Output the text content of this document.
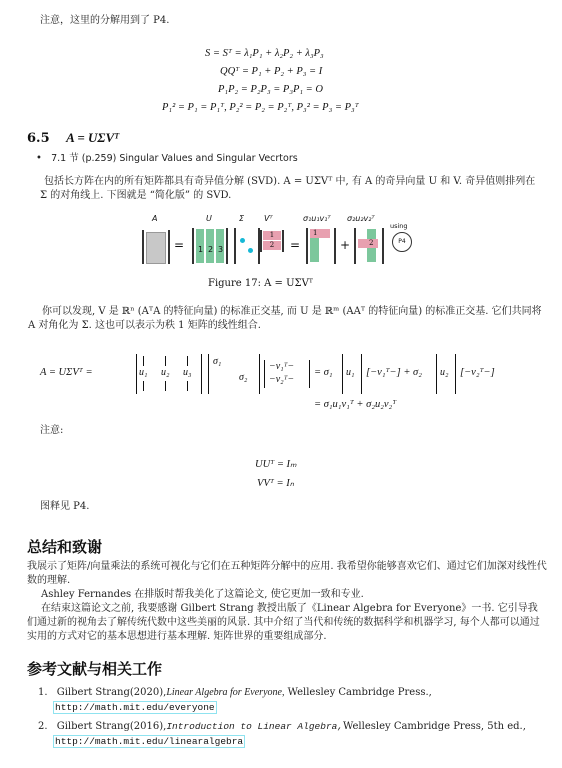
注意，这里的分解用到了 P4.
S = Sᵀ = λ₁P₁ + λ₂P₂ + λ₃P₃
QQᵀ = P₁ + P₂ + P₃ = I
P₁P₂ = P₂P₃ = P₃P₁ = O
P₁² = P₁ = P₁ᵀ, P₂² = P₂ = P₂ᵀ, P₃² = P₃ = P₃ᵀ
6.5 A = UΣVᵀ
• 7.1 节 (p.259) Singular Values and Singular Vecrtors
包括长方阵在内的所有矩阵都具有奇异值分解 (SVD). A = UΣVᵀ 中, 有 A 的奇异向量 U 和 V. 奇异值则排列在 Σ 的对角线上. 下图就是 “简化版” 的 SVD.
A	U	Σ Vᵀ	σ₁u₁v₁ᵀ σ₂u₂v₂ᵀ
= 1 2 3
1
2	=
1
+	2
using
P4
Figure 17: A = UΣVᵀ
你可以发现, V 是 ℝⁿ (AᵀA 的特征向量) 的标准正交基, 而 U 是 ℝᵐ (AAᵀ 的特征向量) 的标准正交基. 它们共同将 A 对角化为 Σ. 这也可以表示为秩 1 矩阵的线性组合.
A = UΣVᵀ =	u₁ u₂ u₃
σ₁
σ₂
−v₁ᵀ−
−v₂ᵀ−
= σ₁ u₁ [−v₁ᵀ−] + σ₂ u₂ [−v₂ᵀ−]
= σ₁u₁v₁ᵀ + σ₂u₂v₂ᵀ
注意:
UUᵀ = Iₘ
VVᵀ = Iₙ
图释见 P4.
总结和致谢
我展示了矩阵/向量乘法的系统可视化与它们在五种矩阵分解中的应用. 我希望你能够喜欢它们、通过它们加深对线性代数的理解.
Ashley Fernandes 在排版时帮我美化了这篇论文, 使它更加一致和专业.
在结束这篇论文之前, 我要感谢 Gilbert Strang 教授出版了《Linear Algebra for Everyone》一书. 它引导我们通过新的视角去了解传统代数中这些美丽的风景. 其中介绍了当代和传统的数据科学和机器学习, 每个人都可以通过实用的方式对它的基本思想进行基本理解. 矩阵世界的重要组成部分.
参考文献与相关工作
1. Gilbert Strang(2020),Linear Algebra for Everyone, Wellesley Cambridge Press.,
http://math.mit.edu/everyone
2. Gilbert Strang(2016),Introduction to Linear Algebra,Wellesley Cambridge Press, 5th ed.,
http://math.mit.edu/linearalgebra
